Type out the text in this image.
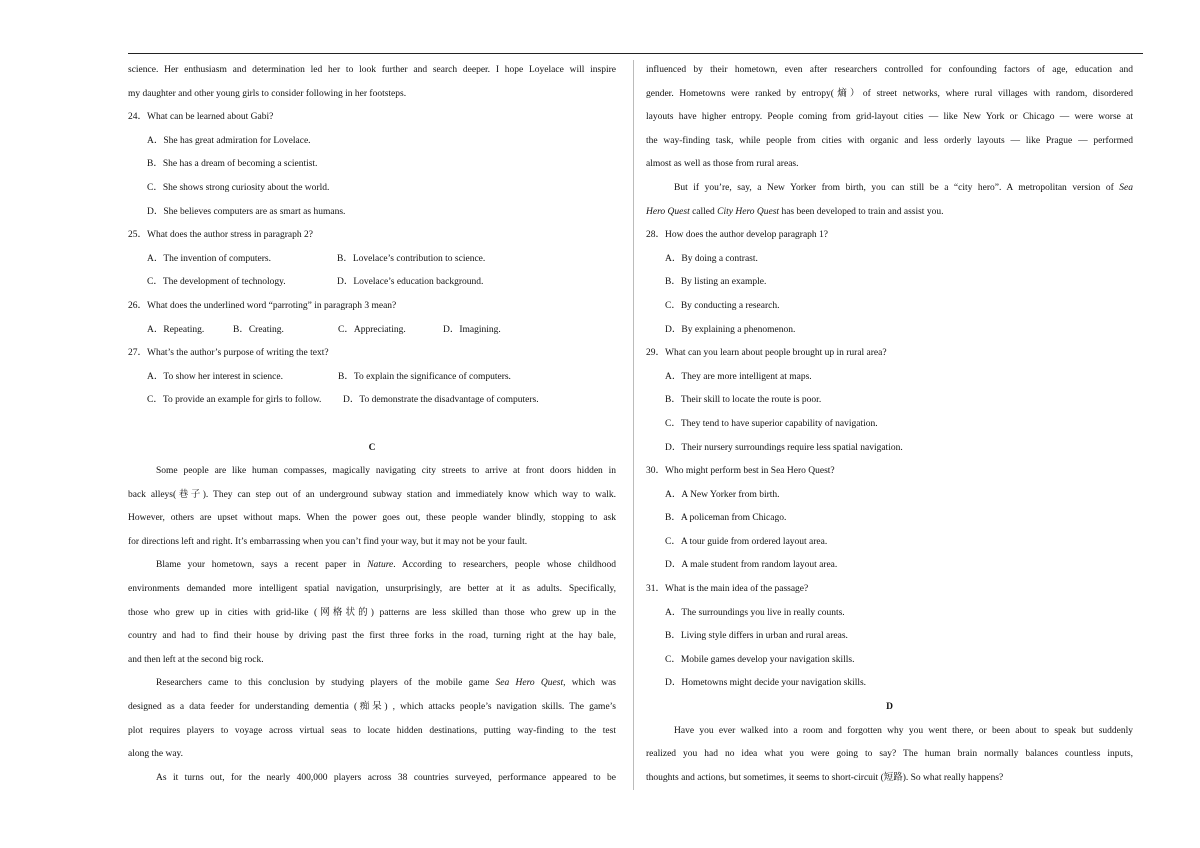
science. Her enthusiasm and determination led her to look further and search deeper. I hope Loyelace will inspire
my daughter and other young girls to consider following in her footsteps.
24．What can be learned about Gabi?
A．She has great admiration for Lovelace.
B．She has a dream of becoming a scientist.
C．She shows strong curiosity about the world.
D．She believes computers are as smart as humans.
25．What does the author stress in paragraph 2?
A．The invention of computers.	B．Lovelace’s contribution to science.
C．The development of technology.	D．Lovelace’s education background.
26．What does the underlined word “parroting” in paragraph 3 mean?
A．Repeating.	B．Creating.	C．Appreciating.	D．Imagining.
27．What’s the author’s purpose of writing the text?
A．To show her interest in science.	B．To explain the significance of computers.
C．To provide an example for girls to follow.	D．To demonstrate the disadvantage of computers.
C
Some people are like human compasses, magically navigating city streets to arrive at front doors hidden in
back alleys(巷子). They can step out of an underground subway station and immediately know which way to walk.
However, others are upset without maps. When the power goes out, these people wander blindly, stopping to ask
for directions left and right. It’s embarrassing when you can’t find your way, but it may not be your fault.
Blame your hometown, says a recent paper in Nature. According to researchers, people whose childhood
environments demanded more intelligent spatial navigation, unsurprisingly, are better at it as adults. Specifically,
those who grew up in cities with grid-like (网格状的) patterns are less skilled than those who grew up in the
country and had to find their house by driving past the first three forks in the road, turning right at the hay bale,
and then left at the second big rock.
Researchers came to this conclusion by studying players of the mobile game Sea Hero Quest, which was
designed as a data feeder for understanding dementia (痴呆) , which attacks people’s navigation skills. The game’s
plot requires players to voyage across virtual seas to locate hidden destinations, putting way-finding to the test
along the way.
As it turns out, for the nearly 400,000 players across 38 countries surveyed, performance appeared to be
influenced by their hometown, even after researchers controlled for confounding factors of age, education and
gender. Hometowns were ranked by entropy(熵）of street networks, where rural villages with random, disordered
layouts have higher entropy. People coming from grid-layout cities — like New York or Chicago — were worse at
the way-finding task, while people from cities with organic and less orderly layouts — like Prague — performed
almost as well as those from rural areas.
But if you’re, say, a New Yorker from birth, you can still be a “city hero”. A metropolitan version of Sea
Hero Quest called City Hero Quest has been developed to train and assist you.
28．How does the author develop paragraph 1?
A．By doing a contrast.
B．By listing an example.
C．By conducting a research.
D．By explaining a phenomenon.
29．What can you learn about people brought up in rural area?
A．They are more intelligent at maps.
B．Their skill to locate the route is poor.
C．They tend to have superior capability of navigation.
D．Their nursery surroundings require less spatial navigation.
30．Who might perform best in Sea Hero Quest?
A．A New Yorker from birth.
B．A policeman from Chicago.
C．A tour guide from ordered layout area.
D．A male student from random layout area.
31．What is the main idea of the passage?
A．The surroundings you live in really counts.
B．Living style differs in urban and rural areas.
C．Mobile games develop your navigation skills.
D．Hometowns might decide your navigation skills.
D
Have you ever walked into a room and forgotten why you went there, or been about to speak but suddenly
realized you had no idea what you were going to say? The human brain normally balances countless inputs,
thoughts and actions, but sometimes, it seems to short-circuit (短路). So what really happens?
